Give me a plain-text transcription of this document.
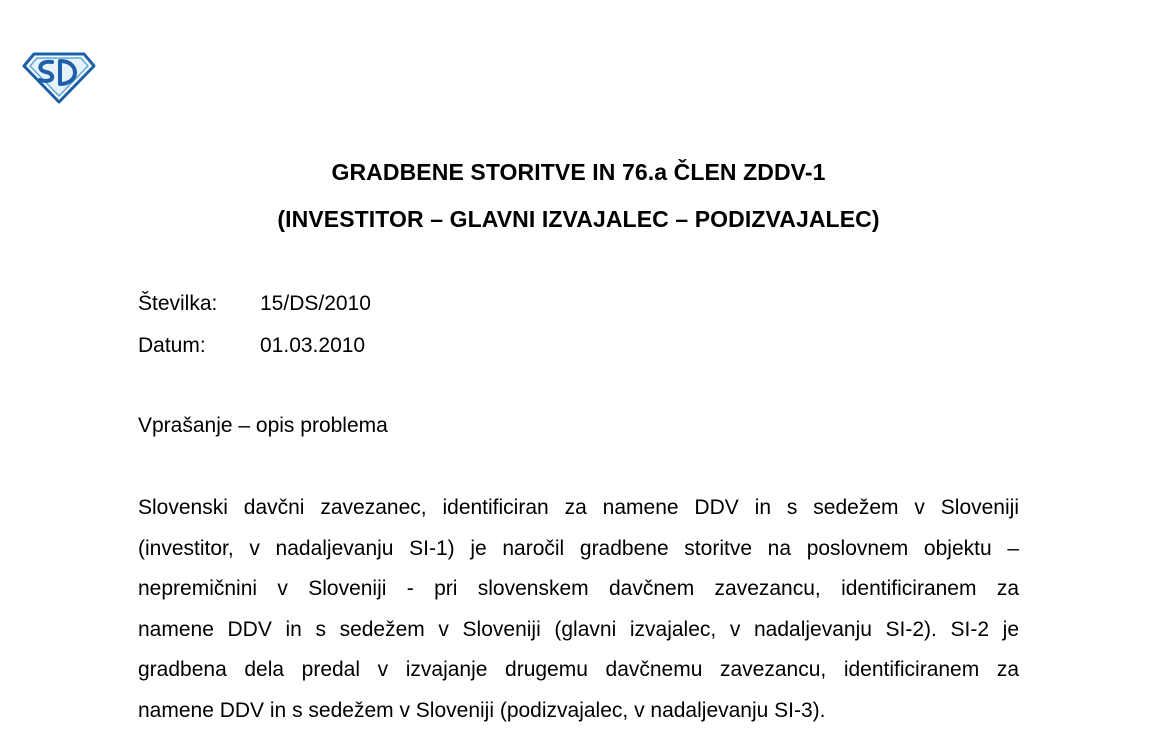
GRADBENE STORITVE IN 76.a ČLEN ZDDV-1
(INVESTITOR – GLAVNI IZVAJALEC – PODIZVAJALEC)
Številka:	15/DS/2010
Datum:	01.03.2010
Vprašanje – opis problema
Slovenski davčni zavezanec, identificiran za namene DDV in s sedežem v Sloveniji
(investitor, v nadaljevanju SI-1) je naročil gradbene storitve na poslovnem objektu –
nepremičnini v Sloveniji - pri slovenskem davčnem zavezancu, identificiranem za
namene DDV in s sedežem v Sloveniji (glavni izvajalec, v nadaljevanju SI-2). SI-2 je
gradbena dela predal v izvajanje drugemu davčnemu zavezancu, identificiranem za
namene DDV in s sedežem v Sloveniji (podizvajalec, v nadaljevanju SI-3).
